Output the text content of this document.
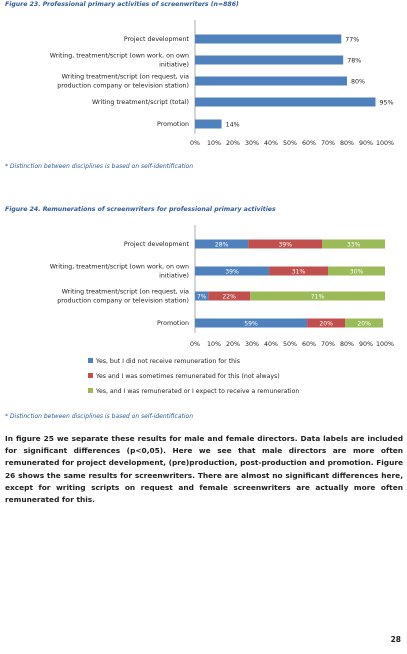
Figure 23. Professional primary activities of screenwriters (n=886)
0% 10% 20% 30% 40% 50% 60% 70% 80% 90% 100%
Project development
Writing, treatment/script (own work, on own
initiative)
Writing treatment/script (on request, via
production company or television station)
Writing treatment/script (total)
Promotion
77%
78%
80%
95%
14%
* Distinction between disciplines is based on self-identification
Figure 24. Remunerations of screenwriters for professional primary activities
0% 10% 20% 30% 40% 50% 60% 70% 80% 90% 100%
Project development
Writing, treatment/script (own work, on own
initiative)
Writing treatment/script (on request, via
production company or television station)
Promotion
28%	39%	33%
39%	31%	30%
7%	22%	71%
59%	20%	20%
Yes, but I did not receive remuneration for this
Yes and I was sometimes remunerated for this (not always)
Yes, and I was remunerated or I expect to receive a remuneration
* Distinction between disciplines is based on self-identification
In figure 25 we separate these results for male and female directors. Data labels are included for significant differences (p<0,05). Here we see that male directors are more often remunerated for project development, (pre)production, post-production and promotion. Figure 26 shows the same results for screenwriters. There are almost no significant differences here, except for writing scripts on request and female screenwriters are actually more often remunerated for this.
28
